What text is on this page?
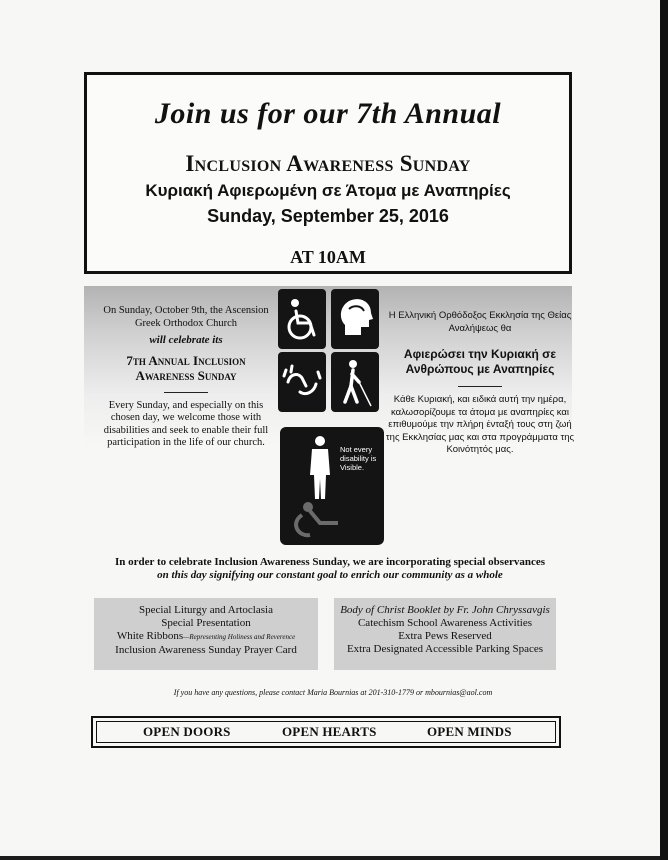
Join us for our 7th Annual
Inclusion Awareness Sunday
Κυριακή Αφιερωμένη σε Άτομα με Αναπηρίες
Sunday, September 25, 2016
AT 10AM
On Sunday, October 9th, the Ascension Greek Orthodox Church
will celebrate its
7th Annual Inclusion Awareness Sunday
Every Sunday, and especially on this chosen day, we welcome those with disabilities and seek to enable their full participation in the life of our church.
Η Ελληνική Ορθόδοξος Εκκλησία της Θείας Αναλήψεως θα
Αφιερώσει την Κυριακή σε Ανθρώπους με Αναπηρίες
Κάθε Κυριακή, και ειδικά αυτή την ημέρα, καλωσορίζουμε τα άτομα με αναπηρίες και επιθυμούμε την πλήρη ένταξή τους στη ζωή της Εκκλησίας μας και στα προγράμματα της Κοινότητός μας.
Not every disability is Visible.
In order to celebrate Inclusion Awareness Sunday, we are incorporating special observances
on this day signifying our constant goal to enrich our community as a whole
Special Liturgy and Artoclasia
Special Presentation
White Ribbons—Representing Holiness and Reverence
Inclusion Awareness Sunday Prayer Card
Body of Christ Booklet by Fr. John Chryssavgis
Catechism School Awareness Activities
Extra Pews Reserved
Extra Designated Accessible Parking Spaces
If you have any questions, please contact Maria Bournias at 201-310-1779 or mbournias@aol.com
OPEN DOORS	OPEN HEARTS	OPEN MINDS
